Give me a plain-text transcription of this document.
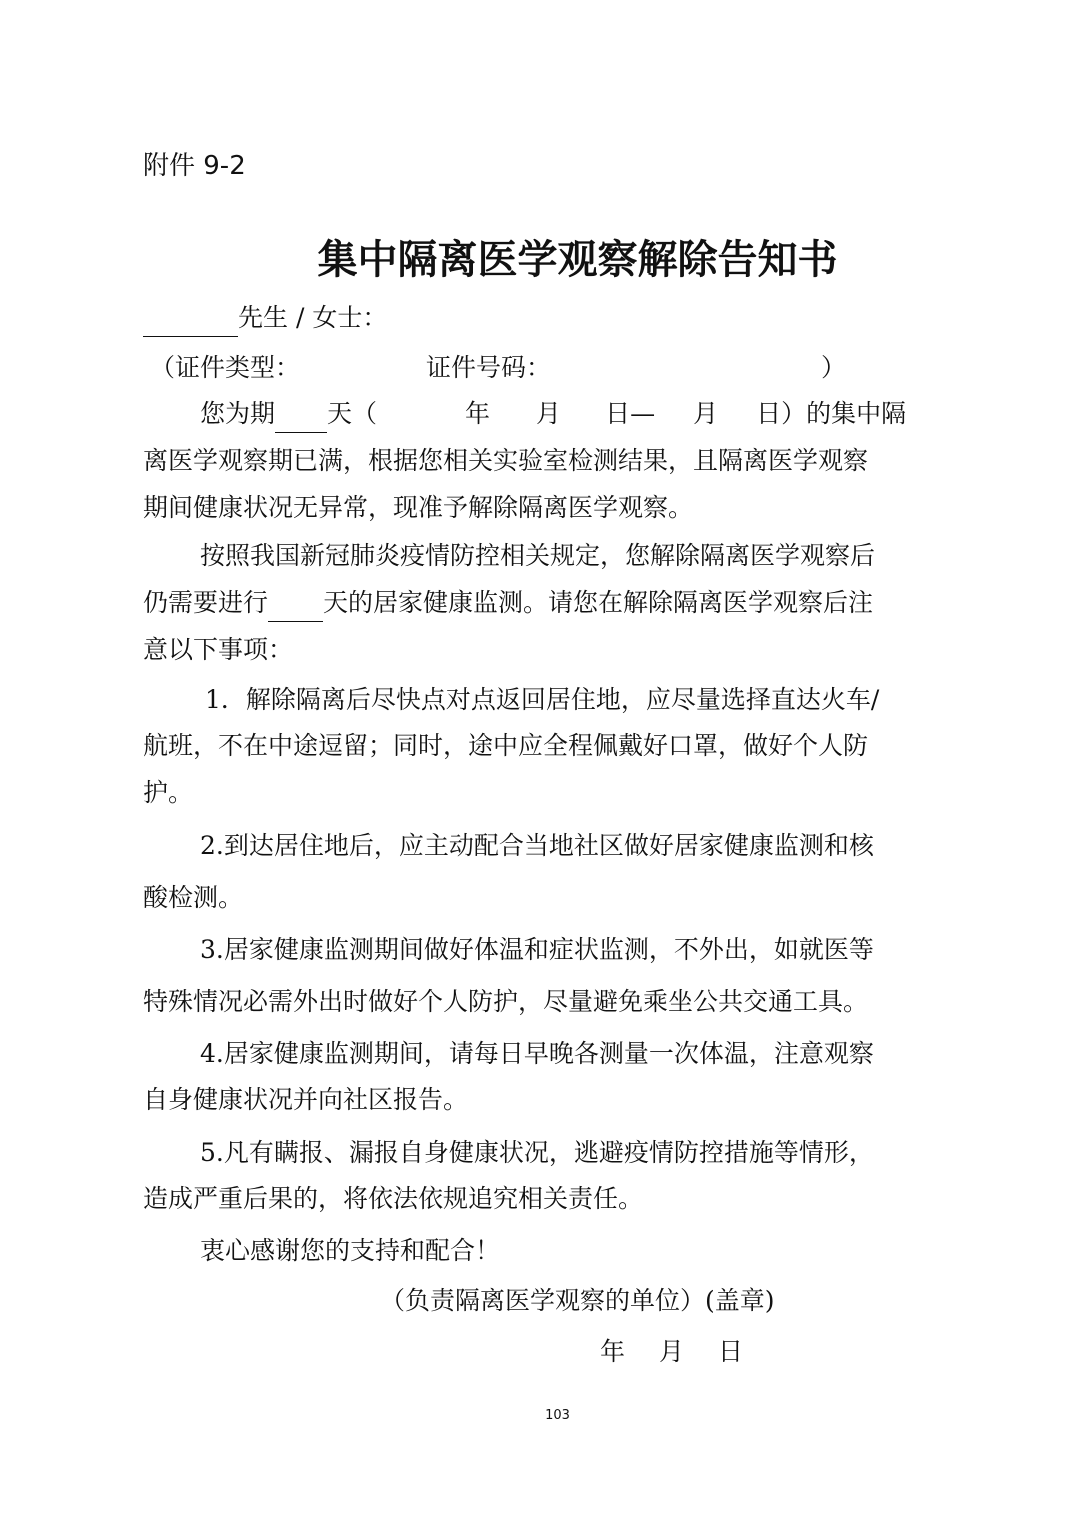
附件 9-2
集中隔离医学观察解除告知书
先生 / 女士：
（证件类型：	证件号码：	）
您为期 天（	年 月 日— 月 日）的集中隔
离医学观察期已满，根据您相关实验室检测结果，且隔离医学观察
期间健康状况无异常，现准予解除隔离医学观察。
按照我国新冠肺炎疫情防控相关规定，您解除隔离医学观察后
仍需要进行 天的居家健康监测。请您在解除隔离医学观察后注
意以下事项：
1．解除隔离后尽快点对点返回居住地，应尽量选择直达火车/
航班，不在中途逗留；同时，途中应全程佩戴好口罩，做好个人防
护。
2.到达居住地后，应主动配合当地社区做好居家健康监测和核
酸检测。
3.居家健康监测期间做好体温和症状监测，不外出，如就医等
特殊情况必需外出时做好个人防护，尽量避免乘坐公共交通工具。
4.居家健康监测期间，请每日早晚各测量一次体温，注意观察
自身健康状况并向社区报告。
5.凡有瞒报、漏报自身健康状况，逃避疫情防控措施等情形，
造成严重后果的，将依法依规追究相关责任。
衷心感谢您的支持和配合！
（负责隔离医学观察的单位）(盖章)
年 月 日
103
